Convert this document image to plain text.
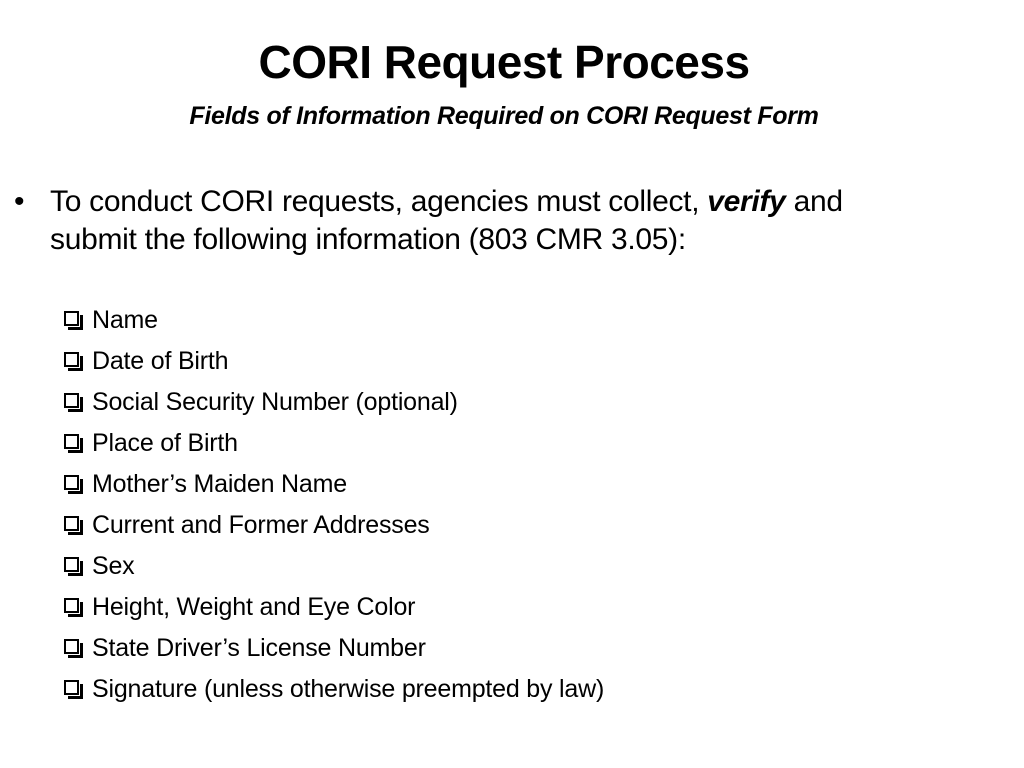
CORI Request Process
Fields of Information Required on CORI Request Form
• To conduct CORI requests, agencies must collect, verify and submit the following information (803 CMR 3.05):
Name
Date of Birth
Social Security Number (optional)
Place of Birth
Mother’s Maiden Name
Current and Former Addresses
Sex
Height, Weight and Eye Color
State Driver’s License Number
Signature (unless otherwise preempted by law)
